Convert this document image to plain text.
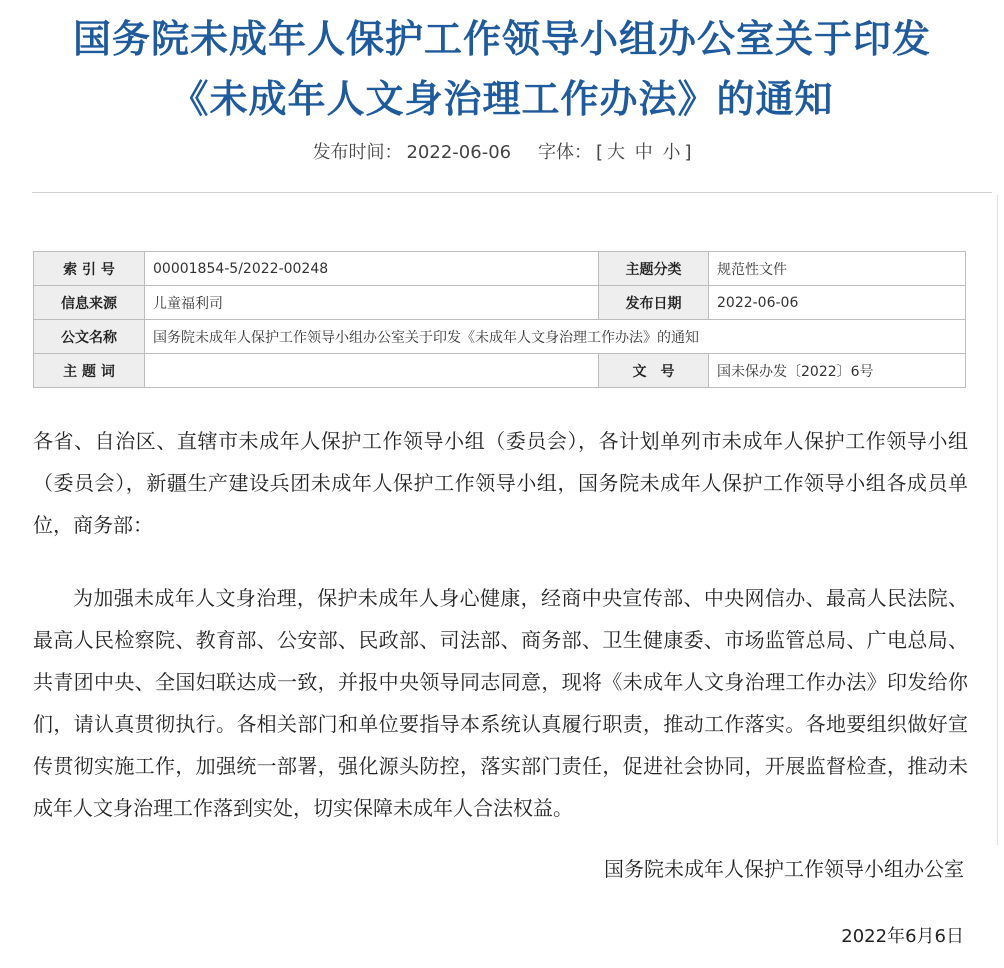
国务院未成年人保护工作领导小组办公室关于印发
《未成年人文身治理工作办法》的通知
发布时间： 2022-06-06 字体： [ 大 中 小 ]
索 引 号	00001854-5/2022-00248	主题分类	规范性文件
信息来源	儿童福利司	发布日期	2022-06-06
公文名称	国务院未成年人保护工作领导小组办公室关于印发《未成年人文身治理工作办法》的通知		
主 题 词		文　号	国未保办发〔2022〕6号
各省、自治区、直辖市未成年人保护工作领导小组（委员会），各计划单列市未成年人保护工作领导小组（委员会），新疆生产建设兵团未成年人保护工作领导小组，国务院未成年人保护工作领导小组各成员单位，商务部：
为加强未成年人文身治理，保护未成年人身心健康，经商中央宣传部、中央网信办、最高人民法院、最高人民检察院、教育部、公安部、民政部、司法部、商务部、卫生健康委、市场监管总局、广电总局、共青团中央、全国妇联达成一致，并报中央领导同志同意，现将《未成年人文身治理工作办法》印发给你们，请认真贯彻执行。各相关部门和单位要指导本系统认真履行职责，推动工作落实。各地要组织做好宣传贯彻实施工作，加强统一部署，强化源头防控，落实部门责任，促进社会协同，开展监督检查，推动未成年人文身治理工作落到实处，切实保障未成年人合法权益。
国务院未成年人保护工作领导小组办公室
2022年6月6日
